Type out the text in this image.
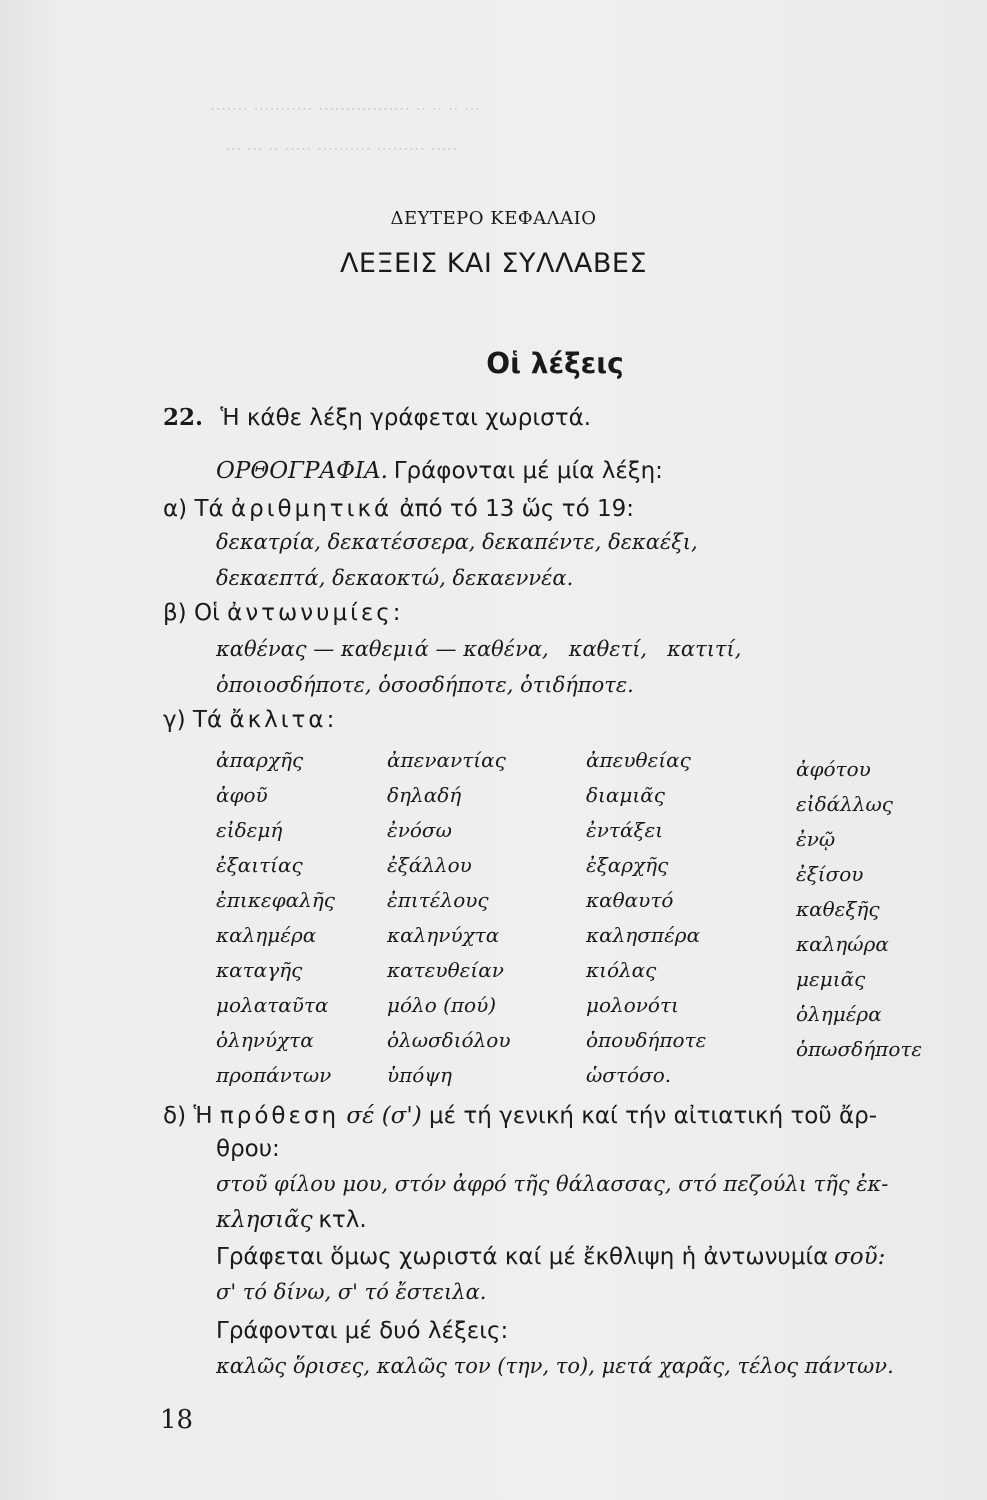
······· ··········· ················· ·· ·· ·· ···
··· ··· ·· ····· ·········· ········· ·····
ΔΕΥΤΕΡΟ ΚΕΦΑΛΑΙΟ
ΛΕΞΕΙΣ ΚΑΙ ΣΥΛΛΑΒΕΣ
Οἱ λέξεις
22. Ἡ κάθε λέξη γράφεται χωριστά.
ΟΡΘΟΓΡΑΦΙΑ. Γράφονται μέ μία λέξη:
α) Τά ἀριθμητικά ἀπό τό 13 ὥς τό 19:
δεκατρία, δεκατέσσερα, δεκαπέντε, δεκαέξι,
δεκαεπτά, δεκαοκτώ, δεκαεννέα.
β) Οἱ ἀντωνυμίες:
καθένας — καθεμιά — καθένα,   καθετί,   κατιτί,
ὁποιοσδήποτε, ὁσοσδήποτε, ὁτιδήποτε.
γ) Τά ἄκλιτα:
ἀπαρχῆς
ἀφοῦ
εἰδεμή
ἐξαιτίας
ἐπικεφαλῆς
καλημέρα
καταγῆς
μολαταῦτα
ὁληνύχτα
προπάντων
ἀπεναντίας
δηλαδή
ἐνόσω
ἐξάλλου
ἐπιτέλους
καληνύχτα
κατευθείαν
μόλο (πού)
ὁλωσδιόλου
ὑπόψη
ἀπευθείας
διαμιᾶς
ἐντάξει
ἐξαρχῆς
καθαυτό
καλησπέρα
κιόλας
μολονότι
ὁπουδήποτε
ὡστόσο.
ἀφότου
εἰδάλλως
ἐνῷ
ἐξίσου
καθεξῆς
καληώρα
μεμιᾶς
ὁλημέρα
ὁπωσδήποτε
δ) Ἡ πρόθεση σέ (σ') μέ τή γενική καί τήν αἰτιατική τοῦ ἄρ-
θρου:
στοῦ φίλου μου, στόν ἀφρό τῆς θάλασσας, στό πεζούλι τῆς ἐκ-
κλησιᾶς κτλ.
Γράφεται ὅμως χωριστά καί μέ ἔκθλιψη ἡ ἀντωνυμία σοῦ:
σ' τό δίνω, σ' τό ἔστειλα.
Γράφονται μέ δυό λέξεις:
καλῶς ὅρισες, καλῶς τον (την, το), μετά χαρᾶς, τέλος πάντων.
18
